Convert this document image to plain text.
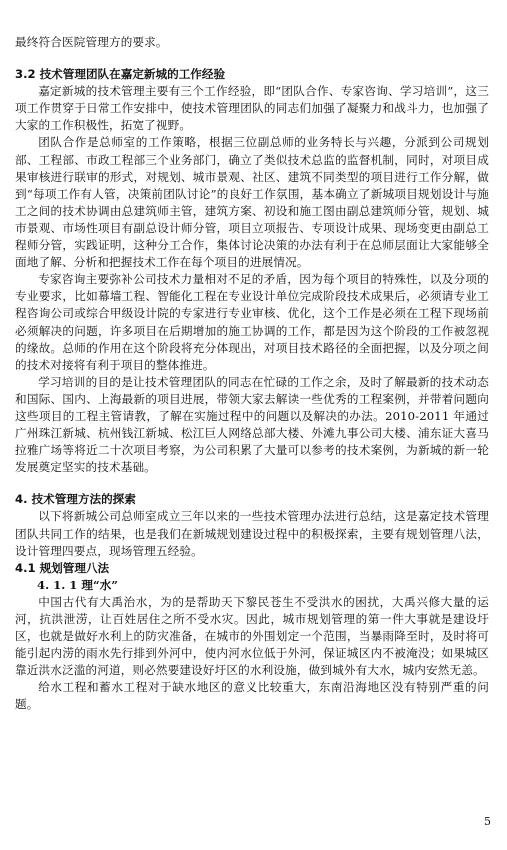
最终符合医院管理方的要求。

3.2 技术管理团队在嘉定新城的工作经验

嘉定新城的技术管理主要有三个工作经验，即“团队合作、专家咨询、学习培训”，这三项工作贯穿于日常工作安排中，使技术管理团队的同志们加强了凝聚力和战斗力，也加强了大家的工作积极性，拓宽了视野。

团队合作是总师室的工作策略，根据三位副总师的业务特长与兴趣，分派到公司规划部、工程部、市政工程部三个业务部门，确立了类似技术总监的监督机制，同时，对项目成果审核进行联审的形式，对规划、城市景观、社区、建筑不同类型的项目进行工作分解，做到“每项工作有人管，决策前团队讨论”的良好工作氛围，基本确立了新城项目规划设计与施工之间的技术协调由总建筑师主管，建筑方案、初设和施工图由副总建筑师分管，规划、城市景观、市场性项目有副总设计师分管，项目立项报告、专项设计成果、现场变更由副总工程师分管，实践证明，这种分工合作，集体讨论决策的办法有利于在总师层面让大家能够全面地了解、分析和把握技术工作在每个项目的进展情况。

专家咨询主要弥补公司技术力量相对不足的矛盾，因为每个项目的特殊性，以及分项的专业要求，比如幕墙工程、智能化工程在专业设计单位完成阶段技术成果后，必须请专业工程咨询公司或综合甲级设计院的专家进行专业审核、优化，这个工作是必须在工程下现场前必须解决的问题，许多项目在后期增加的施工协调的工作，都是因为这个阶段的工作被忽视的缘故。总师的作用在这个阶段将充分体现出，对项目技术路径的全面把握，以及分项之间的技术对接将有利于项目的整体推进。

学习培训的目的是让技术管理团队的同志在忙碌的工作之余，及时了解最新的技术动态和国际、国内、上海最新的项目进展，带领大家去解读一些优秀的工程案例，并带着问题向这些项目的工程主管请教，了解在实施过程中的问题以及解决的办法。2010-2011 年通过广州珠江新城、杭州钱江新城、松江巨人网络总部大楼、外滩九事公司大楼、浦东证大喜马拉雅广场等将近二十次项目考察，为公司积累了大量可以参考的技术案例，为新城的新一轮发展奠定坚实的技术基础。

4. 技术管理方法的探索

以下将新城公司总师室成立三年以来的一些技术管理办法进行总结，这是嘉定技术管理团队共同工作的结果，也是我们在新城规划建设过程中的积极探索，主要有规划管理八法，设计管理四要点，现场管理五经验。

4.1 规划管理八法
4. 1. 1 理“水”

中国古代有大禹治水，为的是帮助天下黎民苍生不受洪水的困扰，大禹兴修大量的运河，抗洪泄涝，让百姓居住之所不受水灾。因此，城市规划管理的第一件大事就是建设圩区，也就是做好水利上的防灾准备，在城市的外围划定一个范围，当暴雨降至时，及时将可能引起内涝的雨水先行排到外河中，使内河水位低于外河，保证城区内不被淹没；如果城区靠近洪水泛滥的河道，则必然要建设好圩区的水利设施，做到城外有大水，城内安然无恙。

给水工程和蓄水工程对于缺水地区的意义比较重大，东南沿海地区没有特别严重的问题。

5
